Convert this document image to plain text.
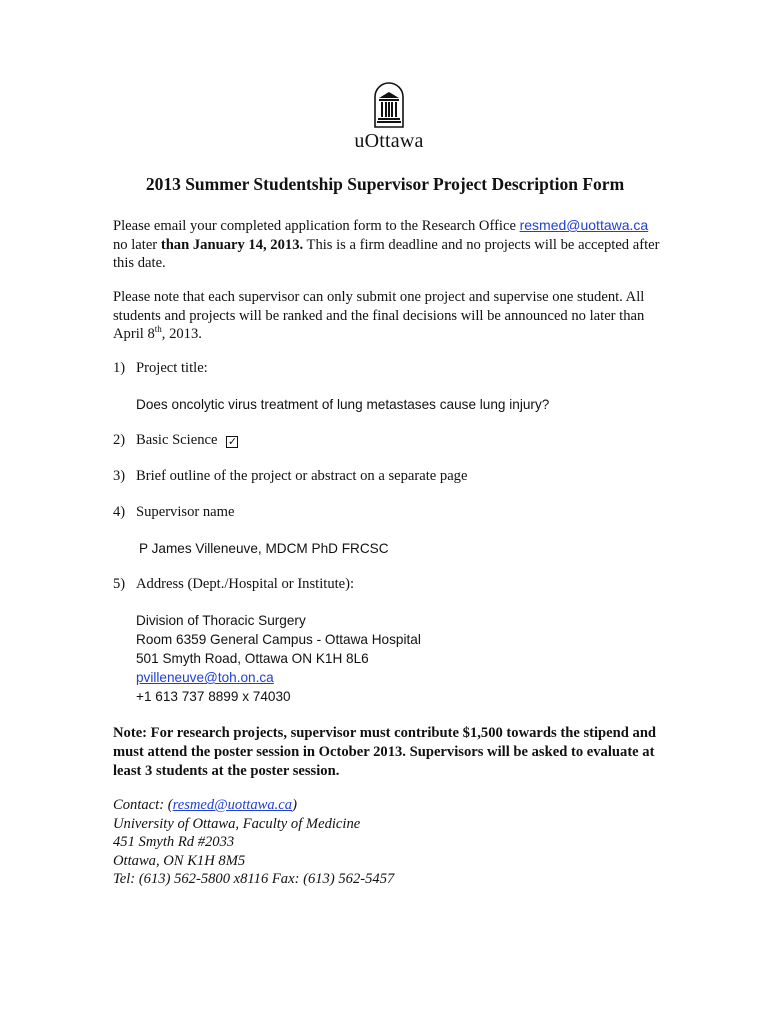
uOttawa
2013 Summer Studentship Supervisor Project Description Form
Please email your completed application form to the Research Office resmed@uottawa.ca
no later than January 14, 2013. This is a firm deadline and no projects will be accepted after this date.
Please note that each supervisor can only submit one project and supervise one student. All students and projects will be ranked and the final decisions will be announced no later than April 8th, 2013.
1) Project title:
Does oncolytic virus treatment of lung metastases cause lung injury?
2) Basic Science ✓
3) Brief outline of the project or abstract on a separate page
4) Supervisor name
P James Villeneuve, MDCM PhD FRCSC
5) Address (Dept./Hospital or Institute):
Division of Thoracic Surgery
Room 6359 General Campus - Ottawa Hospital
501 Smyth Road, Ottawa ON K1H 8L6
pvilleneuve@toh.on.ca
+1 613 737 8899 x 74030
Note: For research projects, supervisor must contribute $1,500 towards the stipend and must attend the poster session in October 2013. Supervisors will be asked to evaluate at least 3 students at the poster session.
Contact: (resmed@uottawa.ca)
University of Ottawa, Faculty of Medicine
451 Smyth Rd #2033
Ottawa, ON K1H 8M5
Tel: (613) 562-5800 x8116 Fax: (613) 562-5457
